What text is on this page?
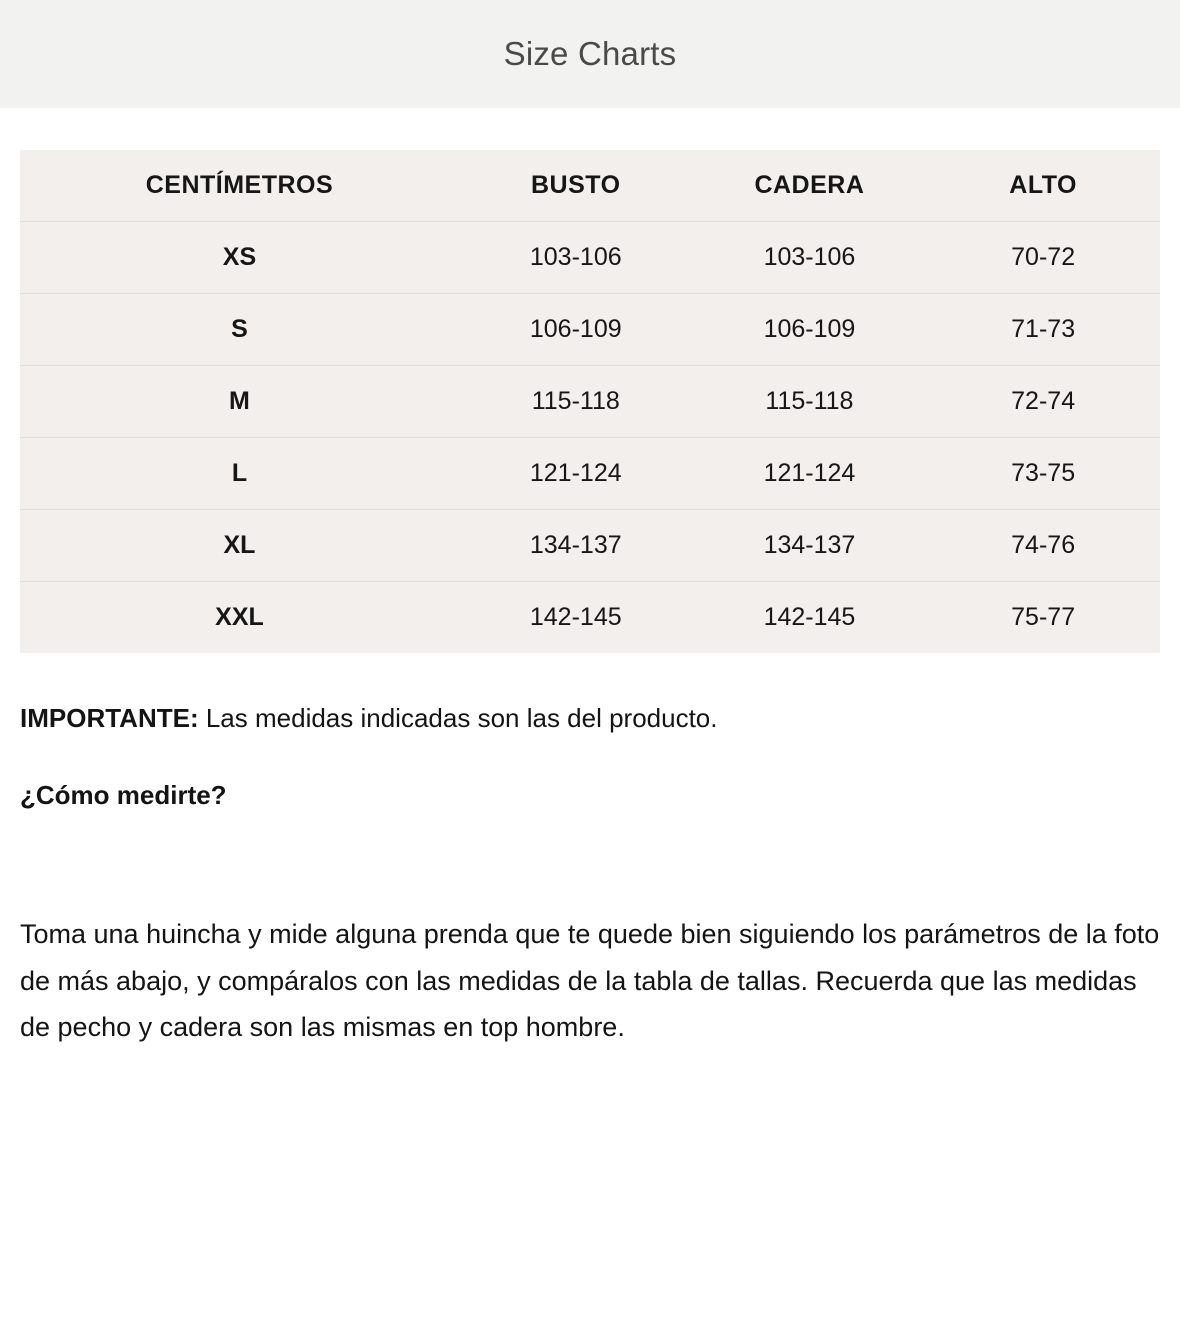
Size Charts
CENTÍMETROS	BUSTO	CADERA	ALTO
XS	103-106	103-106	70-72
S	106-109	106-109	71-73
M	115-118	115-118	72-74
L	121-124	121-124	73-75
XL	134-137	134-137	74-76
XXL	142-145	142-145	75-77

IMPORTANTE: Las medidas indicadas son las del producto.

¿Cómo medirte?

Toma una huincha y mide alguna prenda que te quede bien siguiendo los parámetros de la foto de más abajo, y compáralos con las medidas de la tabla de tallas. Recuerda que las medidas de pecho y cadera son las mismas en top hombre.
